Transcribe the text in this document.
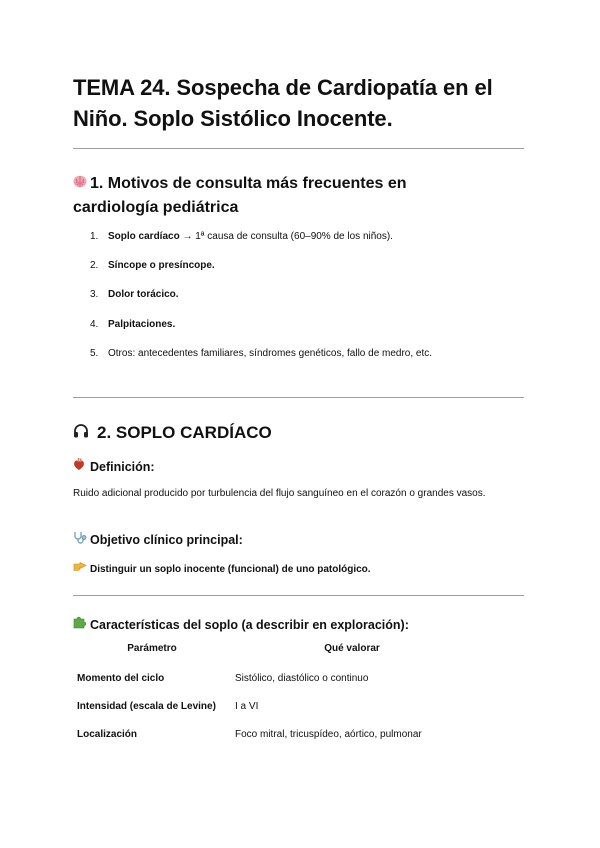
TEMA 24. Sospecha de Cardiopatía en el Niño. Soplo Sistólico Inocente.
1. Motivos de consulta más frecuentes en cardiología pediátrica
1. Soplo cardíaco → 1ª causa de consulta (60–90% de los niños).
2. Síncope o presíncope.
3. Dolor torácico.
4. Palpitaciones.
5. Otros: antecedentes familiares, síndromes genéticos, fallo de medro, etc.
2. SOPLO CARDÍACO
Definición:

Ruido adicional producido por turbulencia del flujo sanguíneo en el corazón o grandes vasos.

Objetivo clínico principal:

Distinguir un soplo inocente (funcional) de uno patológico.

Características del soplo (a describir en exploración):
Parámetro	Qué valorar
Momento del ciclo	Sistólico, diastólico o continuo
Intensidad (escala de Levine)	I a VI
Localización	Foco mitral, tricuspídeo, aórtico, pulmonar
